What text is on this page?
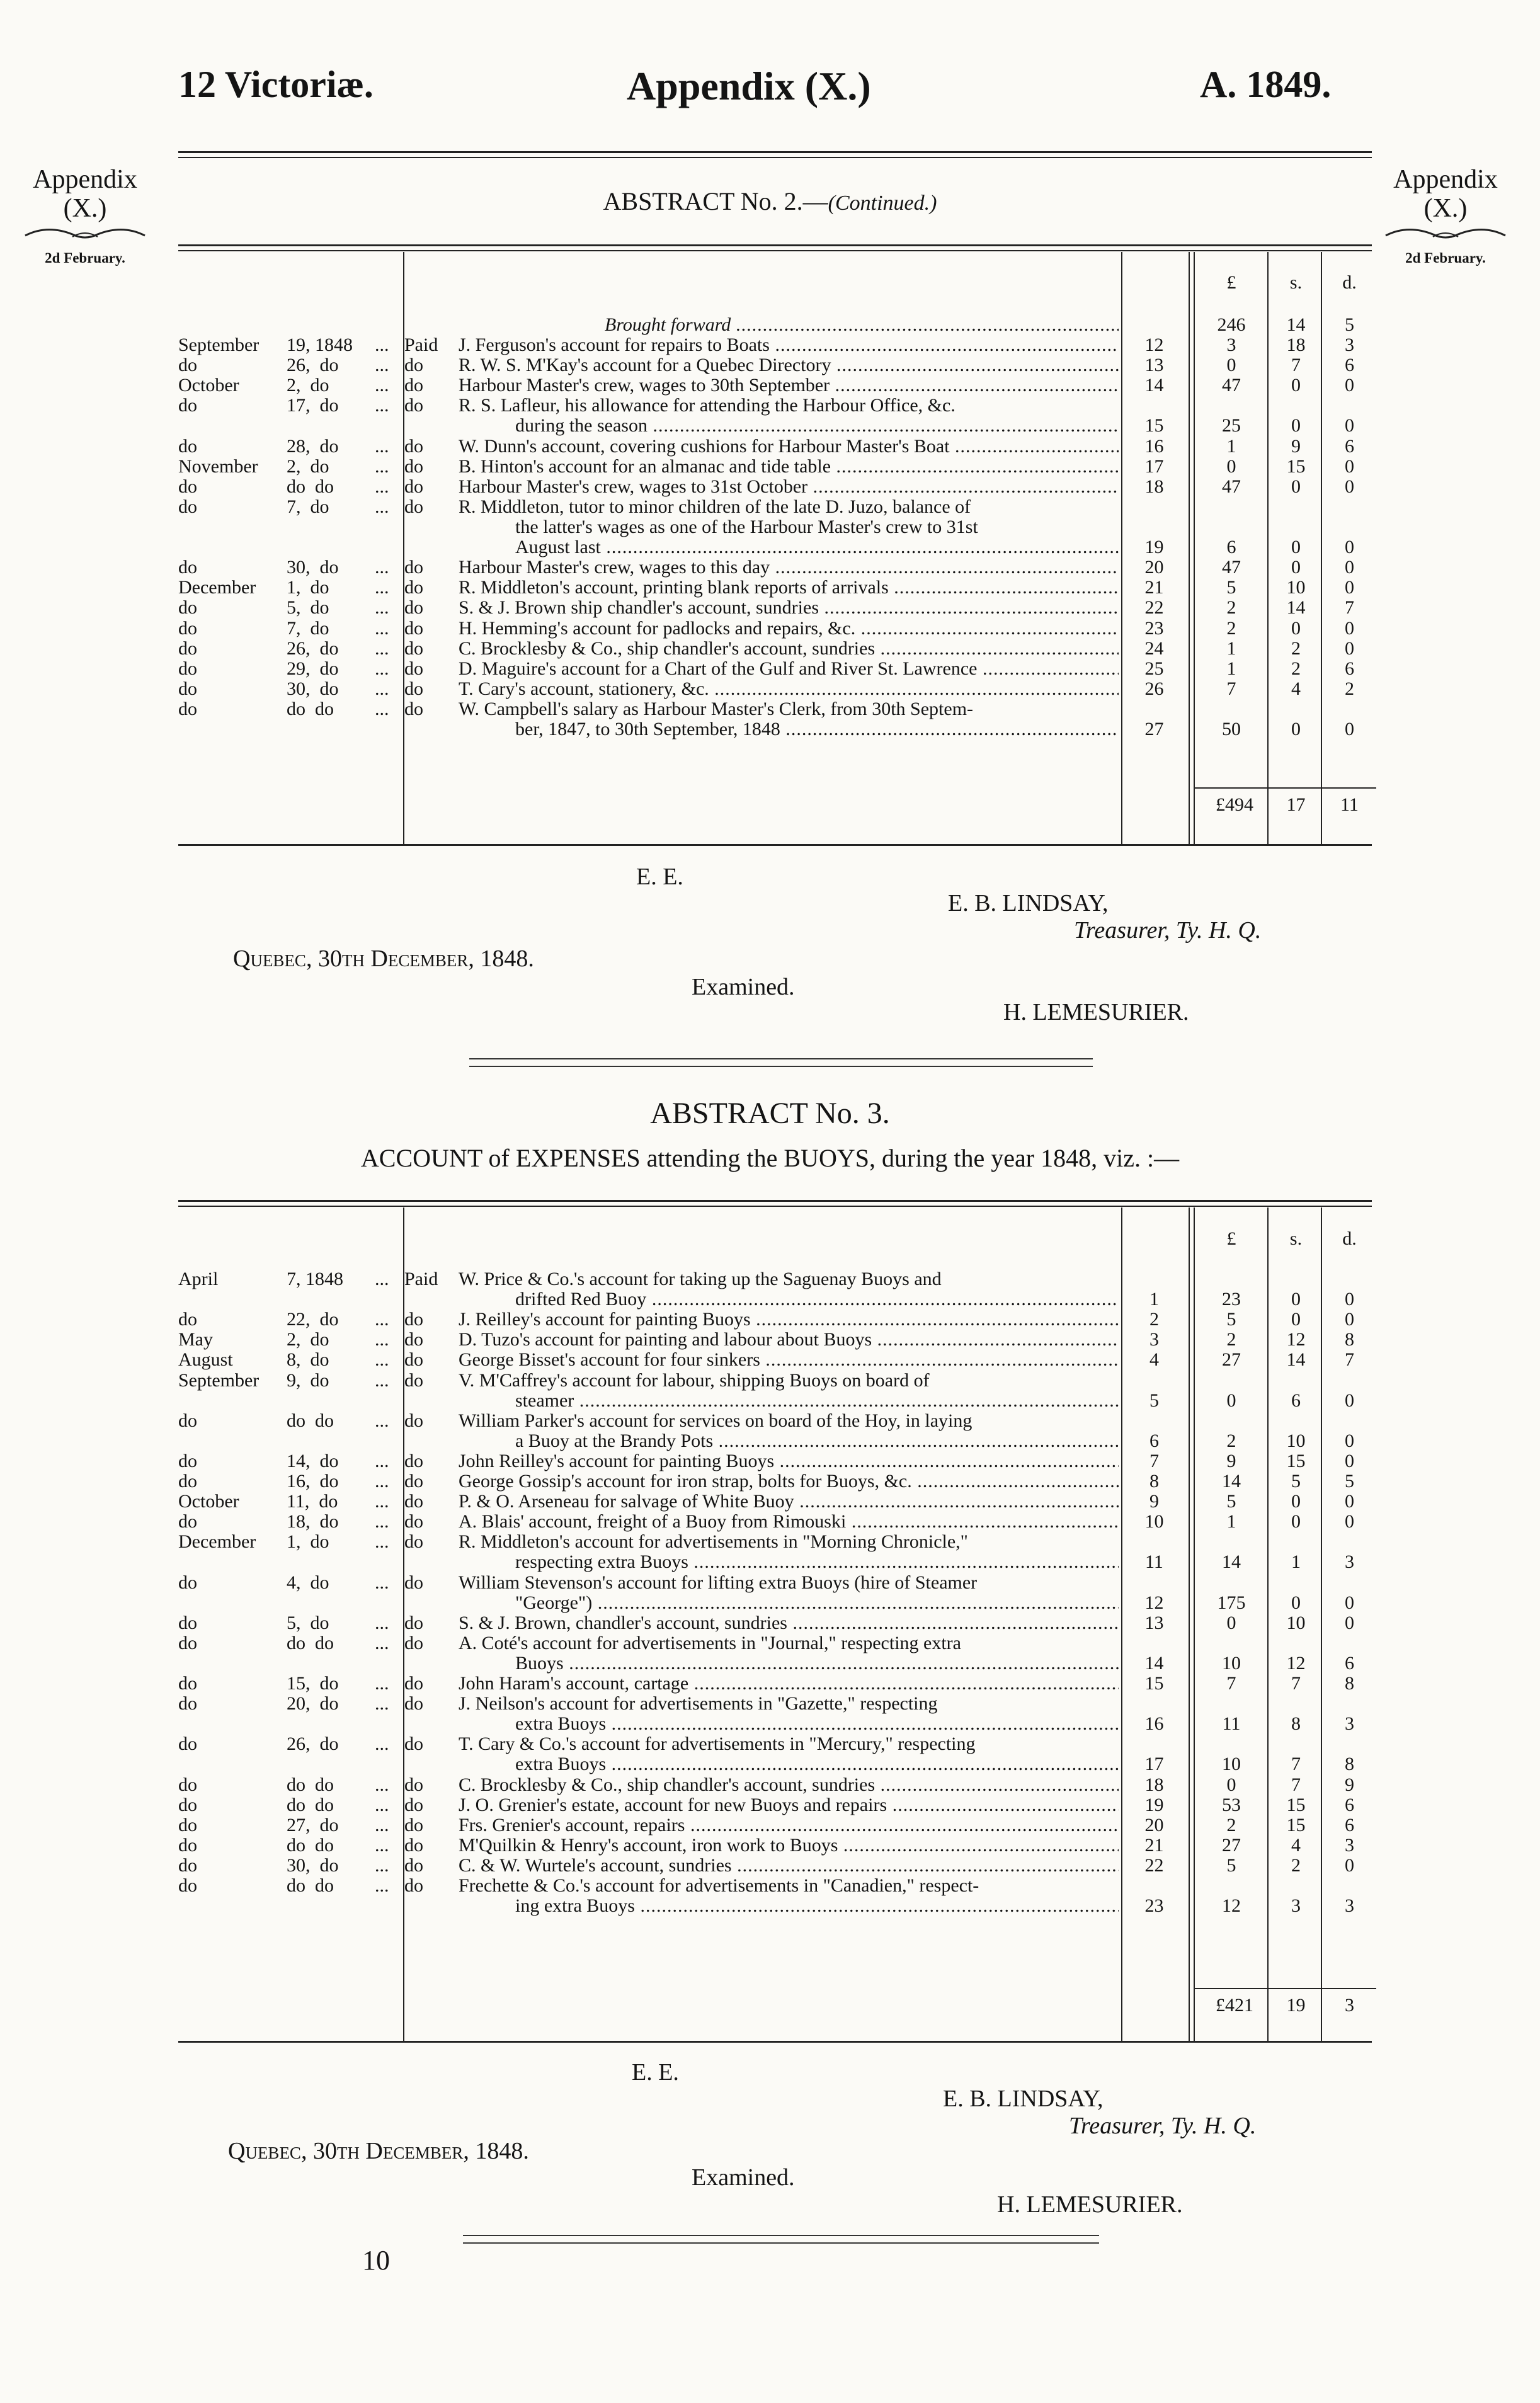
12 Victoriæ.	Appendix (X.)	A. 1849.
Appendix
(X.)
2d February.
Appendix
(X.)
2d February.
ABSTRACT No. 2.—(Continued.)
£	s.	d.
Brought forward .....	246	14	5
September 19, 1848 ... Paid J. Ferguson's account for repairs to Boats .....	12	3	18	3
do	26,  do ... do R. W. S. M'Kay's account for a Quebec Directory .....	13	0	7	6
October	2,  do ... do Harbour Master's crew, wages to 30th September .....	14	47	0	0
do	17,  do ... do R. S. Lafleur, his allowance for attending the Harbour Office, &c.
during the season .....	15	25	0	0
do	28,  do ... do W. Dunn's account, covering cushions for Harbour Master's Boat .....	16	1	9	6
November 2,  do ... do B. Hinton's account for an almanac and tide table .....	17	0	15	0
do	do  do ... do Harbour Master's crew, wages to 31st October .....	18	47	0	0
do	7,  do ... do R. Middleton, tutor to minor children of the late D. Juzo, balance of
the latter's wages as one of the Harbour Master's crew to 31st
August last .....	19	6	0	0
do	30,  do ... do Harbour Master's crew, wages to this day .....	20	47	0	0
December 1,  do ... do R. Middleton's account, printing blank reports of arrivals .....	21	5	10	0
do	5,  do ... do S. & J. Brown ship chandler's account, sundries .....	22	2	14	7
do	7,  do ... do H. Hemming's account for padlocks and repairs, &c. .....	23	2	0	0
do	26,  do ... do C. Brocklesby & Co., ship chandler's account, sundries .....	24	1	2	0
do	29,  do ... do D. Maguire's account for a Chart of the Gulf and River St. Lawrence .....	25	1	2	6
do	30,  do ... do T. Cary's account, stationery, &c. .....	26	7	4	2
do	do  do ... do W. Campbell's salary as Harbour Master's Clerk, from 30th Septem-
ber, 1847, to 30th September, 1848 .....	27	50	0	0
£494	17	11
E. E.
E. B. LINDSAY,
Treasurer, Ty. H. Q.
Quebec, 30th December, 1848.
Examined.
H. LEMESURIER.
ABSTRACT No. 3.
ACCOUNT of EXPENSES attending the BUOYS, during the year 1848, viz. :—
£	s.	d.
April	7, 1848 ... Paid W. Price & Co.'s account for taking up the Saguenay Buoys and
drifted Red Buoy .....	1	23	0	0
do	22,  do ... do J. Reilley's account for painting Buoys .....	2	5	0	0
May	2,  do ... do D. Tuzo's account for painting and labour about Buoys .....	3	2	12	8
August	8,  do ... do George Bisset's account for four sinkers .....	4	27	14	7
September 9,  do ... do V. M'Caffrey's account for labour, shipping Buoys on board of
steamer .....	5	0	6	0
do	do  do ... do William Parker's account for services on board of the Hoy, in laying
a Buoy at the Brandy Pots .....	6	2	10	0
do	14,  do ... do John Reilley's account for painting Buoys .....	7	9	15	0
do	16,  do ... do George Gossip's account for iron strap, bolts for Buoys, &c. .....	8	14	5	5
October	11,  do ... do P. & O. Arseneau for salvage of White Buoy .....	9	5	0	0
do	18,  do ... do A. Blais' account, freight of a Buoy from Rimouski .....	10	1	0	0
December 1,  do ... do R. Middleton's account for advertisements in "Morning Chronicle,"
respecting extra Buoys .....	11	14	1	3
do	4,  do ... do William Stevenson's account for lifting extra Buoys (hire of Steamer
"George") .....	12	175	0	0
do	5,  do ... do S. & J. Brown, chandler's account, sundries .....	13	0	10	0
do	do  do ... do A. Coté's account for advertisements in "Journal," respecting extra
Buoys .....	14	10	12	6
do	15,  do ... do John Haram's account, cartage .....	15	7	7	8
do	20,  do ... do J. Neilson's account for advertisements in "Gazette," respecting
extra Buoys .....	16	11	8	3
do	26,  do ... do T. Cary & Co.'s account for advertisements in "Mercury," respecting
extra Buoys .....	17	10	7	8
do	do  do ... do C. Brocklesby & Co., ship chandler's account, sundries .....	18	0	7	9
do	do  do ... do J. O. Grenier's estate, account for new Buoys and repairs .....	19	53	15	6
do	27,  do ... do Frs. Grenier's account, repairs .....	20	2	15	6
do	do  do ... do M'Quilkin & Henry's account, iron work to Buoys .....	21	27	4	3
do	30,  do ... do C. & W. Wurtele's account, sundries .....	22	5	2	0
do	do  do ... do Frechette & Co.'s account for advertisements in "Canadien," respect-
ing extra Buoys .....	23	12	3	3
£421	19	3
E. E.
E. B. LINDSAY,
Treasurer, Ty. H. Q.
Quebec, 30th December, 1848.
Examined.
H. LEMESURIER.
10
